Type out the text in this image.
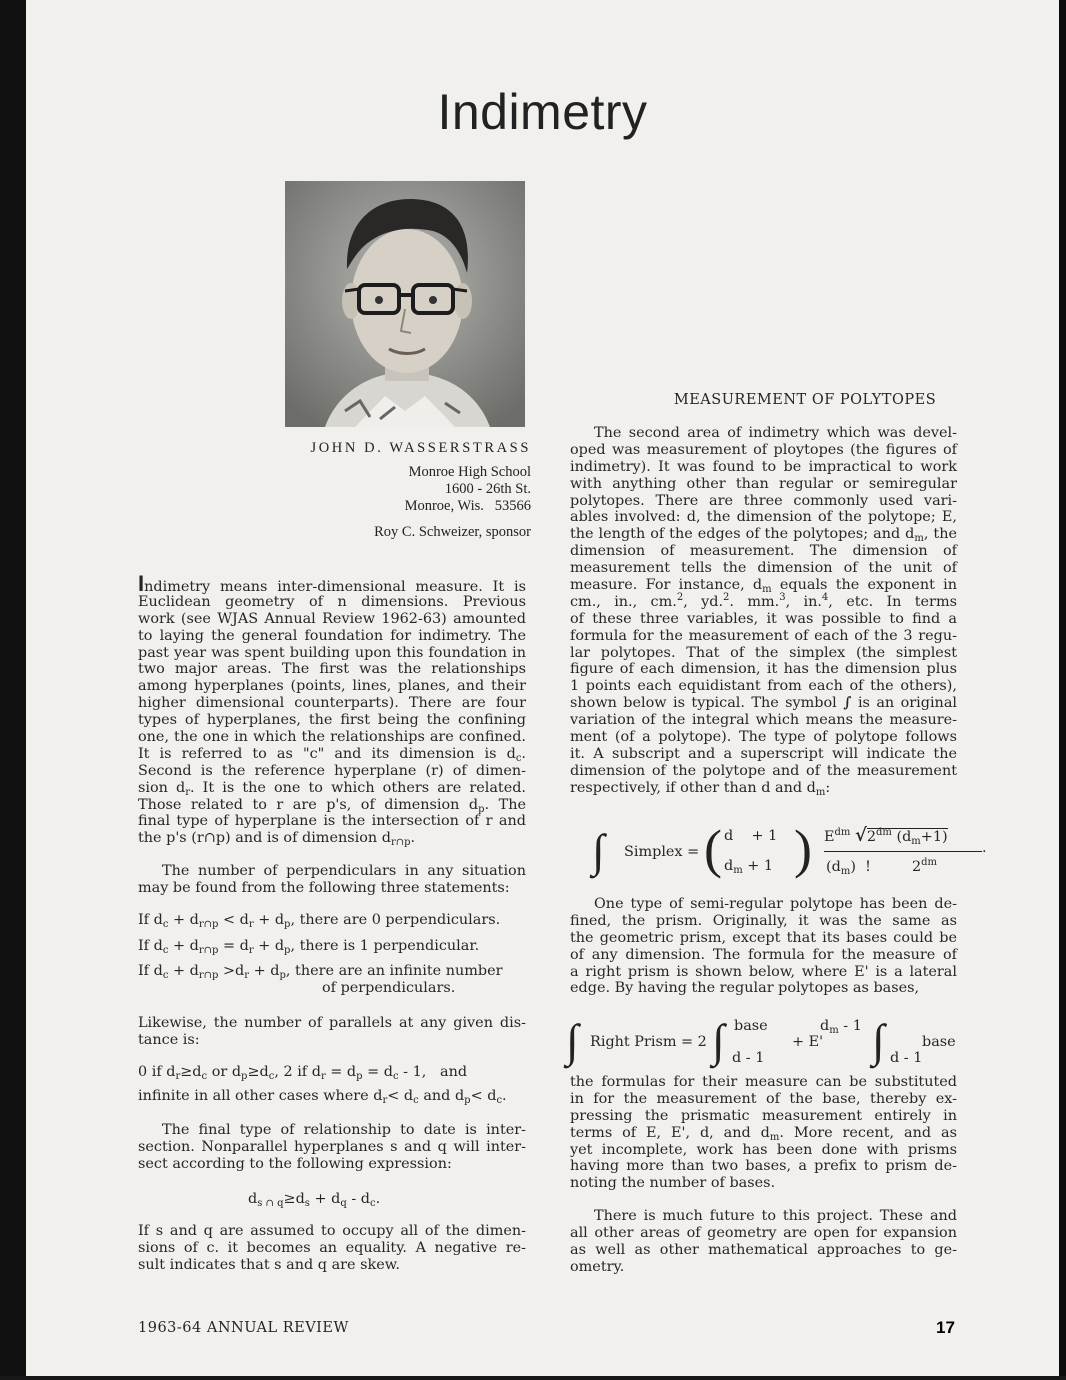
Indimetry
JOHN D. WASSERSTRASS
Monroe High School
1600 - 26th St.
Monroe, Wis.   53566
Roy C. Schweizer, sponsor
Indimetry means inter-dimensional measure. It is
Euclidean geometry of n dimensions. Previous
work (see WJAS Annual Review 1962-63) amounted
to laying the general foundation for indimetry. The
past year was spent building upon this foundation in
two major areas. The first was the relationships
among hyperplanes (points, lines, planes, and their
higher dimensional counterparts). There are four
types of hyperplanes, the first being the confining
one, the one in which the relationships are confined.
It is referred to as "c" and its dimension is $d_c$.
Second is the reference hyperplane (r) of dimen-
sion $d_r$. It is the one to which others are related.
Those related to r are p's, of dimension $d_p$. The
final type of hyperplane is the intersection of r and
the p's (r∩p) and is of dimension $d_{r\cap p}$.
The number of perpendiculars in any situation
may be found from the following three statements:
If $d_c + d_{r\cap p} < d_r + d_p$, there are 0 perpendiculars.
If $d_c + d_{r\cap p} = d_r + d_p$, there is 1 perpendicular.
If $d_c + d_{r\cap p} >d_r + d_p$, there are an infinite number
of perpendiculars.
Likewise, the number of parallels at any given dis-
tance is:
0 if $d_r\ge d_c$ or $d_p\ge d_c$, 2 if $d_r = d_p = d_c - 1$,   and
infinite in all other cases where $d_r< d_c$ and $d_p< d_c$.
The final type of relationship to date is inter-
section. Nonparallel hyperplanes s and q will inter-
sect according to the following expression:
$d_{s \cap q}\ge d_s + d_q - d_c$.
If s and q are assumed to occupy all of the dimen-
sions of c. it becomes an equality. A negative re-
sult indicates that s and q are skew.
MEASUREMENT OF POLYTOPES
The second area of indimetry which was devel-
oped was measurement of ploytopes (the figures of
indimetry). It was found to be impractical to work
with anything other than regular or semiregular
polytopes. There are three commonly used vari-
ables involved: d, the dimension of the polytope; E,
the length of the edges of the polytopes; and $d_m$, the
dimension of measurement. The dimension of
measurement tells the dimension of the unit of
measure. For instance, $d_m$ equals the exponent in
cm., in., cm.$^2$, yd.$^2$. mm.$^3$, in.$^4$, etc. In terms
of these three variables, it was possible to find a
formula for the measurement of each of the 3 regu-
lar polytopes. That of the simplex (the simplest
figure of each dimension, it has the dimension plus
1 points each equidistant from each of the others),
shown below is typical. The symbol ∫ is an original
variation of the integral which means the measure-
ment (of a polytope). The type of polytope follows
it. A subscript and a superscript will indicate the
dimension of the polytope and of the measurement
respectively, if other than d and $d_m$:
∫ Simplex = ( d    + 1
$d_m + 1$ ) $E^{dm}$ $√2^{dm}$ $(d_m+1)$
.
$(d_m)$  !	$2^{dm}$
One type of semi-regular polytope has been de-
fined, the prism. Originally, it was the same as
the geometric prism, except that its bases could be
of any dimension. The formula for the measure of
a right prism is shown below, where E' is a lateral
edge. By having the regular polytopes as bases,
∫ Right Prism = 2 ∫ base
d - 1
+ E'
$d_m - 1$ ∫	base
d - 1
the formulas for their measure can be substituted
in for the measurement of the base, thereby ex-
pressing the prismatic measurement entirely in
terms of E, E', d, and $d_m$. More recent, and as
yet incomplete, work has been done with prisms
having more than two bases, a prefix to prism de-
noting the number of bases.
There is much future to this project. These and
all other areas of geometry are open for expansion
as well as other mathematical approaches to ge-
ometry.
1963-64 ANNUAL REVIEW	17
